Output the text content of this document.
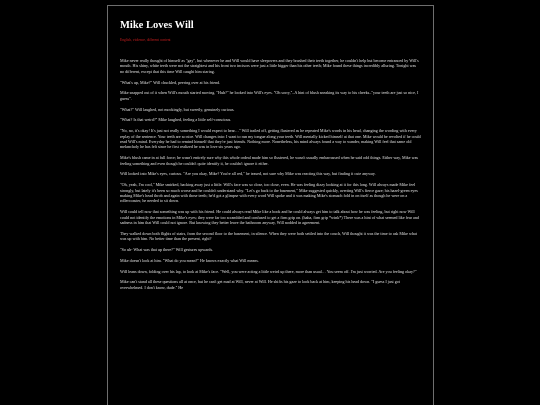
Mike Loves Will
English, violence, different content

Mike never really thought of himself as "gay", but whenever he and Will would have sleepovers and they brushed their teeth together, he couldn't help but become entranced by Will's mouth. His shiny, white teeth were not the straightest and his front two incisors were just a little bigger than his other teeth; Mike found these things incredibly alluring. Tonight was no different, except that this time Will caught him staring.

"What's up, Mike?" Will chuckled, peering over at his friend.

Mike snapped out of it when Will's mouth started moving. "Huh?" he looked into Will's eyes. "Oh sorry,"–A hint of blush sneaking its way to his cheeks–"your teeth are just so nice, I guess".

"What?" Will laughed, not mockingly, but sweetly, genuinely curious.

"What? Is that weird?" Mike laughed, feeling a little self-conscious.

"No, no, it's okay! It's just not really something I would expect to hear…" Will trailed off, getting flustered as he repeated Mike's words in his head, changing the wording with every replay of the sentence. Your teeth are so nice. Will changes into: I want to run my tongue along your teeth. Will mentally kicked himself at that one. Mike would be revolted if he could read Will's mind. Everyday he had to remind himself that they're just friends. Nothing more. Nonetheless, his mind always found a way to wander, making Will feel that same old melancholy he has felt since he first realized he was in love six years ago.

Mike's blush came in at full force; he wasn't entirely sure why this whole ordeal made him so flustered, he wasn't usually embarrassed when he said odd things. Either way, Mike was feeling something and even though he couldn't quite identify it, he couldn't ignore it either.

Will looked into Mike's eyes, curious. "Are you okay, Mike? You're all red," he teased, not sure why Mike was reacting this way, but finding it cute anyway.

"Oh, yeah, I'm cool," Mike smirked, backing away just a little. Will's face was so close, too close, even. He was feeling dizzy looking at it for this long. Will always made Mike feel strongly, but lately it's been so much worse and he couldn't understand why. "Let's go back to the basement," Mike suggested quickly, averting Will's fierce gaze; his hazel-green eyes making Mike's head throb and again with those teeth; he'd got a glimpse with every word Will spoke and it was making Mike's stomach fold in on itself as though he were on a rollercoaster, he needed to sit down.

Will could tell now that something was up with his friend. He could always read Mike like a book and he could always get him to talk about how he was feeling, but right now Will could not identify the emotions in Mike's eyes; they were far too scrambled and confused to get a firm grip on. (haha, firm grip *wink*) There was a hint of what seemed like fear and sadness in him that Will could not ignore. But knowing they better leave the bathroom anyway, Will nodded in agreement.

They walked down both flights of stairs, from the second floor to the basement, in silence. When they were both settled into the couch, Will thought it was the time to ask Mike what was up with him. No better time than the present, right?

"So uh- What was that up there?" Will gestures upwards.

Mike doesn't look at him. "What do you mean?" He knows exactly what Will means.

Will leans down, folding over his lap, to look at Mike's face. "Well, you were acting a little weird up there, more than usual… You seem off. I'm just worried. Are you feeling okay?"

Mike can't stand all these questions all at once, but he can't get mad at Will, never at Will. He shifts his gaze to look back at him, keeping his head down. "I guess I just got overwhelmed. I don't know, dude." He
